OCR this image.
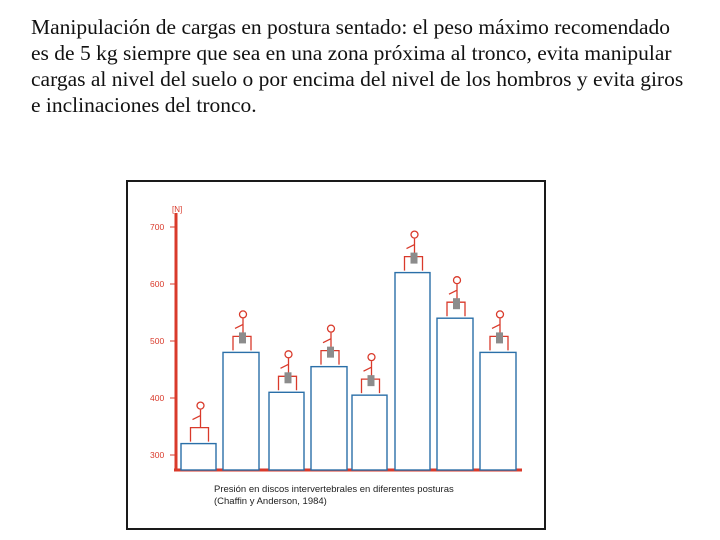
Manipulación de cargas en postura sentado: el peso máximo recomendado es de 5 kg siempre que sea en una zona próxima al tronco, evita manipular cargas al nivel del suelo o por encima del nivel de los hombros y evita giros e inclinaciones del tronco.

[N]
300
400
500
600
700
Presión en discos intervertebrales en diferentes posturas
(Chaffin y Anderson, 1984)
